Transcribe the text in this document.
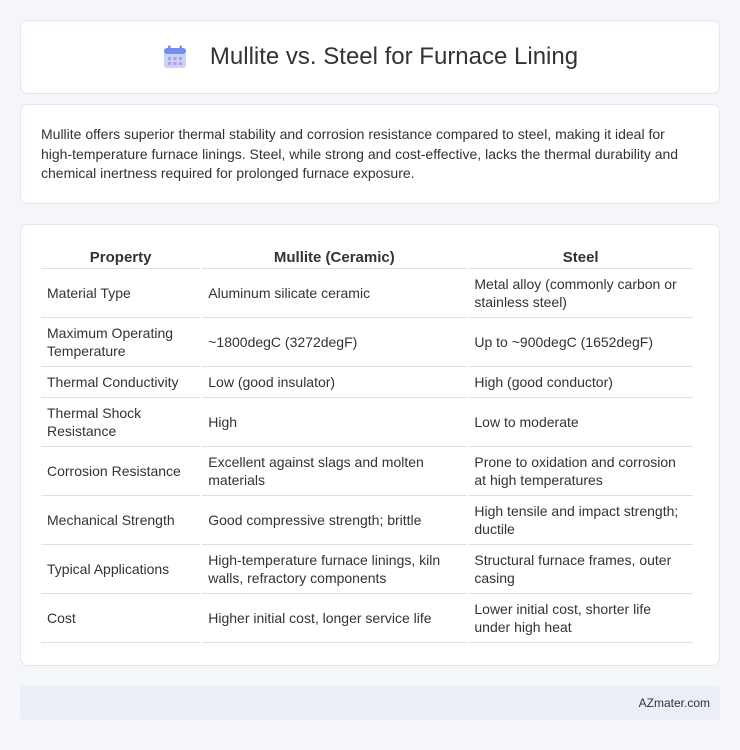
Mullite vs. Steel for Furnace Lining

Mullite offers superior thermal stability and corrosion resistance compared to steel, making it ideal for high-temperature furnace linings. Steel, while strong and cost-effective, lacks the thermal durability and chemical inertness required for prolonged furnace exposure.

Property	Mullite (Ceramic)	Steel
Material Type	Aluminum silicate ceramic	Metal alloy (commonly carbon or stainless steel)
Maximum Operating Temperature	~1800degC (3272degF)	Up to ~900degC (1652degF)
Thermal Conductivity	Low (good insulator)	High (good conductor)
Thermal Shock Resistance	High	Low to moderate
Corrosion Resistance	Excellent against slags and molten materials	Prone to oxidation and corrosion at high temperatures
Mechanical Strength	Good compressive strength; brittle	High tensile and impact strength; ductile
Typical Applications	High-temperature furnace linings, kiln walls, refractory components	Structural furnace frames, outer casing
Cost	Higher initial cost, longer service life	Lower initial cost, shorter life under high heat
AZmater.com
